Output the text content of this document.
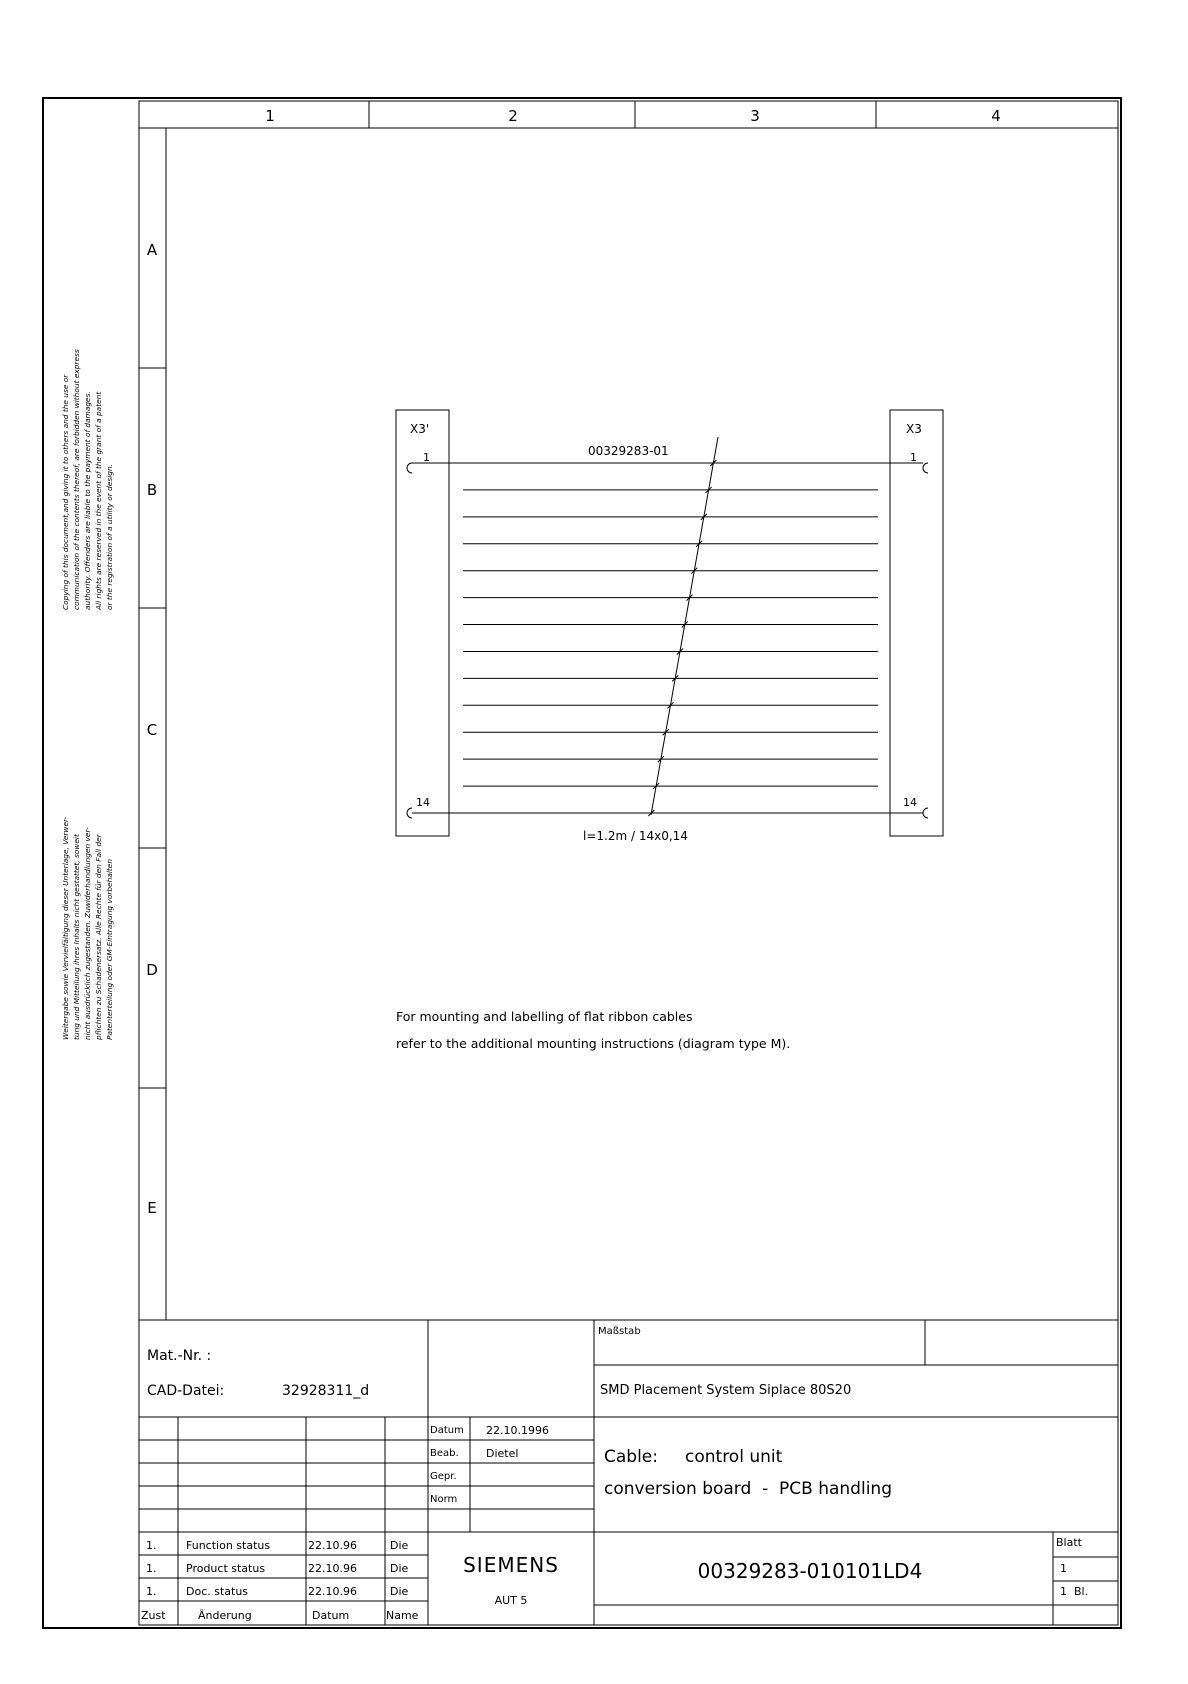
1	2	3	4
A
B
C
D
E
Copying of this document,and giving it to others and the use or communication of the contents thereof, are forbidden without express authority. Offenders are liable to the payment of damages. All rights are reserved in the event of the grant of a patent or the registration of a utility or design.
Weitergabe sowie Vervielfältigung dieser Unterlage, Verwer- tung und Mitteilung ihres Inhalts nicht gestattet, soweit nicht ausdrücklich zugestanden. Zuwiderhandlungen ver- pflichten zu Schadenersatz. Alle Rechte für den Fall der Patenterteilung oder GM-Eintragung vorbehalten
X3'	X3
1	1
14	14
00329283-01
l=1.2m / 14x0,14
For mounting and labelling of flat ribbon cables
refer to the additional mounting instructions (diagram type M).
Mat.-Nr. :
CAD-Datei:	32928311_d
Maßstab
SMD Placement System Siplace 80S20
Datum 22.10.1996
Beab. Dietel
Gepr.
Norm
Cable:     control unit
conversion board  -  PCB handling
1.	Function status	22.10.96	Die
1.	Product status	22.10.96	Die
1.	Doc. status	22.10.96	Die
Zust	Änderung	Datum	Name
SIEMENS
AUT 5
00329283-010101LD4
Blatt
1
1  Bl.
